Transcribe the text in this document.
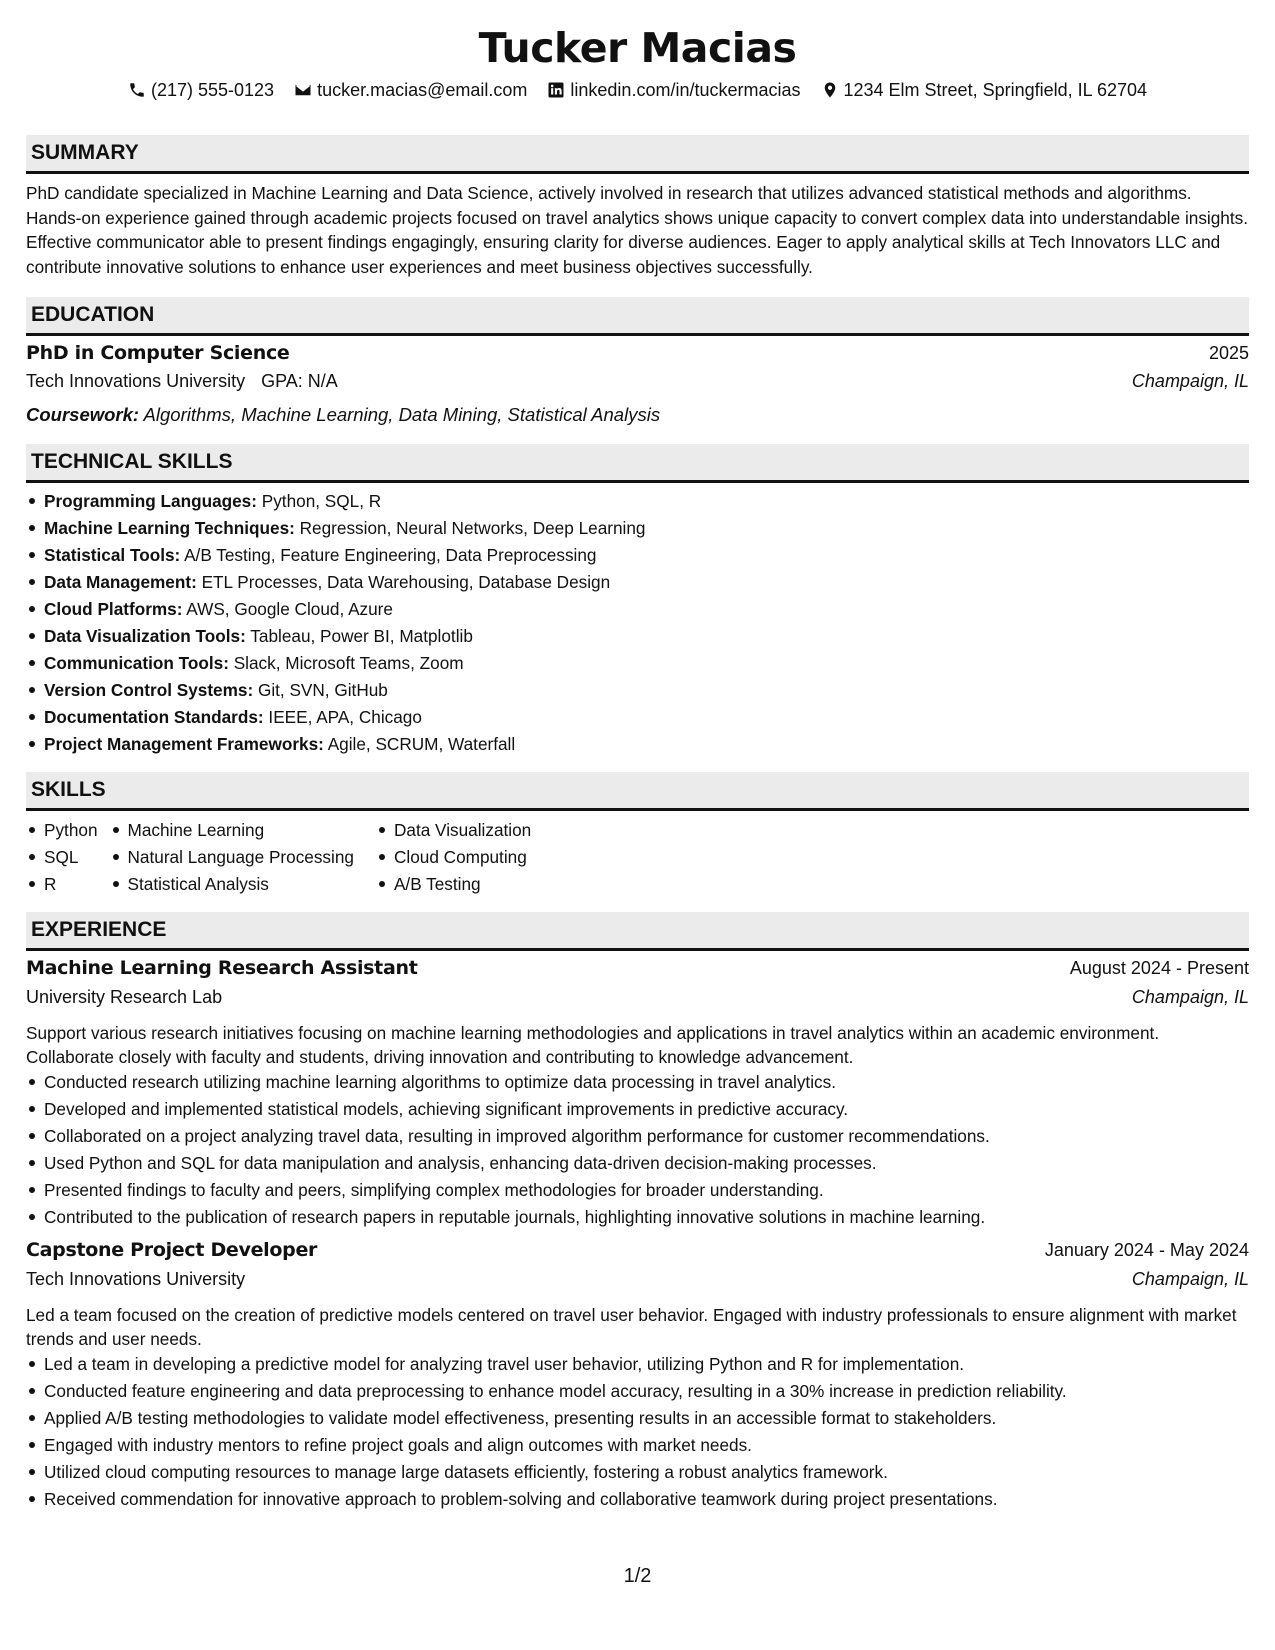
Tucker Macias
(217) 555-0123 tucker.macias@email.com linkedin.com/in/tuckermacias 1234 Elm Street, Springfield, IL 62704
SUMMARY

PhD candidate specialized in Machine Learning and Data Science, actively involved in research that utilizes advanced statistical methods and algorithms. Hands-on experience gained through academic projects focused on travel analytics shows unique capacity to convert complex data into understandable insights. Effective communicator able to present findings engagingly, ensuring clarity for diverse audiences. Eager to apply analytical skills at Tech Innovators LLC and contribute innovative solutions to enhance user experiences and meet business objectives successfully.

EDUCATION
PhD in Computer Science	2025
Tech Innovations University GPA: N/A	Champaign, IL
Coursework: Algorithms, Machine Learning, Data Mining, Statistical Analysis
TECHNICAL SKILLS
Programming Languages: Python, SQL, R
Machine Learning Techniques: Regression, Neural Networks, Deep Learning
Statistical Tools: A/B Testing, Feature Engineering, Data Preprocessing
Data Management: ETL Processes, Data Warehousing, Database Design
Cloud Platforms: AWS, Google Cloud, Azure
Data Visualization Tools: Tableau, Power BI, Matplotlib
Communication Tools: Slack, Microsoft Teams, Zoom
Version Control Systems: Git, SVN, GitHub
Documentation Standards: IEEE, APA, Chicago
Project Management Frameworks: Agile, SCRUM, Waterfall
SKILLS
Python
SQL
R
Machine Learning
Natural Language Processing
Statistical Analysis
Data Visualization
Cloud Computing
A/B Testing
EXPERIENCE
Machine Learning Research Assistant	August 2024 - Present
University Research Lab	Champaign, IL

Support various research initiatives focusing on machine learning methodologies and applications in travel analytics within an academic environment. Collaborate closely with faculty and students, driving innovation and contributing to knowledge advancement.

Conducted research utilizing machine learning algorithms to optimize data processing in travel analytics.
Developed and implemented statistical models, achieving significant improvements in predictive accuracy.
Collaborated on a project analyzing travel data, resulting in improved algorithm performance for customer recommendations.
Used Python and SQL for data manipulation and analysis, enhancing data-driven decision-making processes.
Presented findings to faculty and peers, simplifying complex methodologies for broader understanding.
Contributed to the publication of research papers in reputable journals, highlighting innovative solutions in machine learning.
Capstone Project Developer	January 2024 - May 2024
Tech Innovations University	Champaign, IL

Led a team focused on the creation of predictive models centered on travel user behavior. Engaged with industry professionals to ensure alignment with market trends and user needs.

Led a team in developing a predictive model for analyzing travel user behavior, utilizing Python and R for implementation.
Conducted feature engineering and data preprocessing to enhance model accuracy, resulting in a 30% increase in prediction reliability.
Applied A/B testing methodologies to validate model effectiveness, presenting results in an accessible format to stakeholders.
Engaged with industry mentors to refine project goals and align outcomes with market needs.
Utilized cloud computing resources to manage large datasets efficiently, fostering a robust analytics framework.
Received commendation for innovative approach to problem-solving and collaborative teamwork during project presentations.
1/2
